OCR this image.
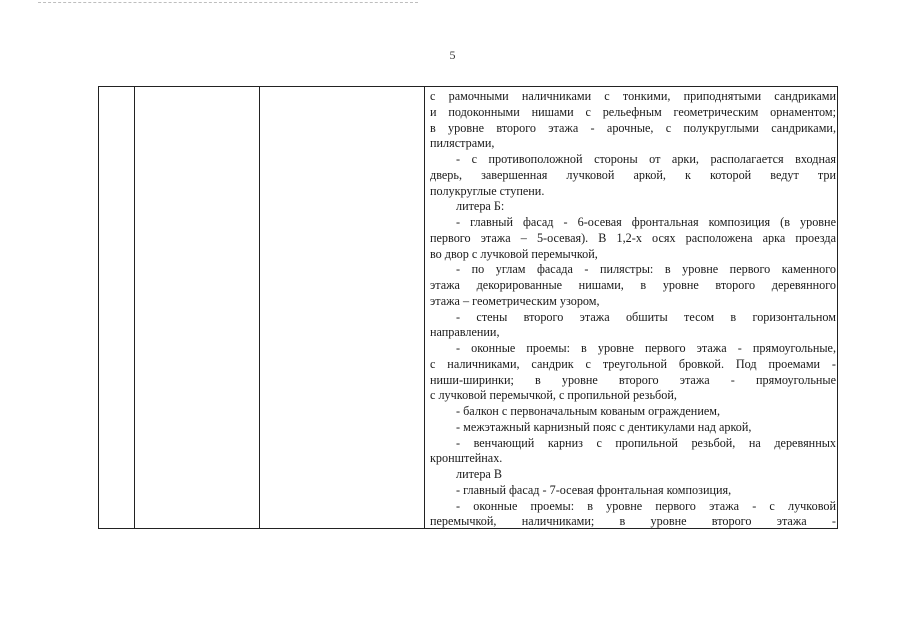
5
с рамочными наличниками с тонкими, приподнятыми сандриками
и подоконными нишами с рельефным геометрическим орнаментом;
в уровне второго этажа - арочные, с полукруглыми сандриками,
пилястрами,
- с противоположной стороны от арки, располагается входная
дверь, завершенная лучковой аркой, к которой ведут три
полукруглые ступени.
литера Б:
- главный фасад - 6-осевая фронтальная композиция (в уровне
первого этажа – 5-осевая). В 1,2-х осях расположена арка проезда
во двор с лучковой перемычкой,
- по углам фасада - пилястры: в уровне первого каменного
этажа декорированные нишами, в уровне второго деревянного
этажа – геометрическим узором,
- стены второго этажа обшиты тесом в горизонтальном
направлении,
- оконные проемы: в уровне первого этажа - прямоугольные,
с наличниками, сандрик с треугольной бровкой. Под проемами -
ниши-ширинки; в уровне второго этажа - прямоугольные
с лучковой перемычкой, с пропильной резьбой,
- балкон с первоначальным кованым ограждением,
- межэтажный карнизный пояс с дентикулами над аркой,
- венчающий карниз с пропильной резьбой, на деревянных
кронштейнах.
литера В
- главный фасад - 7-осевая фронтальная композиция,
- оконные проемы: в уровне первого этажа - с лучковой
перемычкой, наличниками; в уровне второго этажа -
